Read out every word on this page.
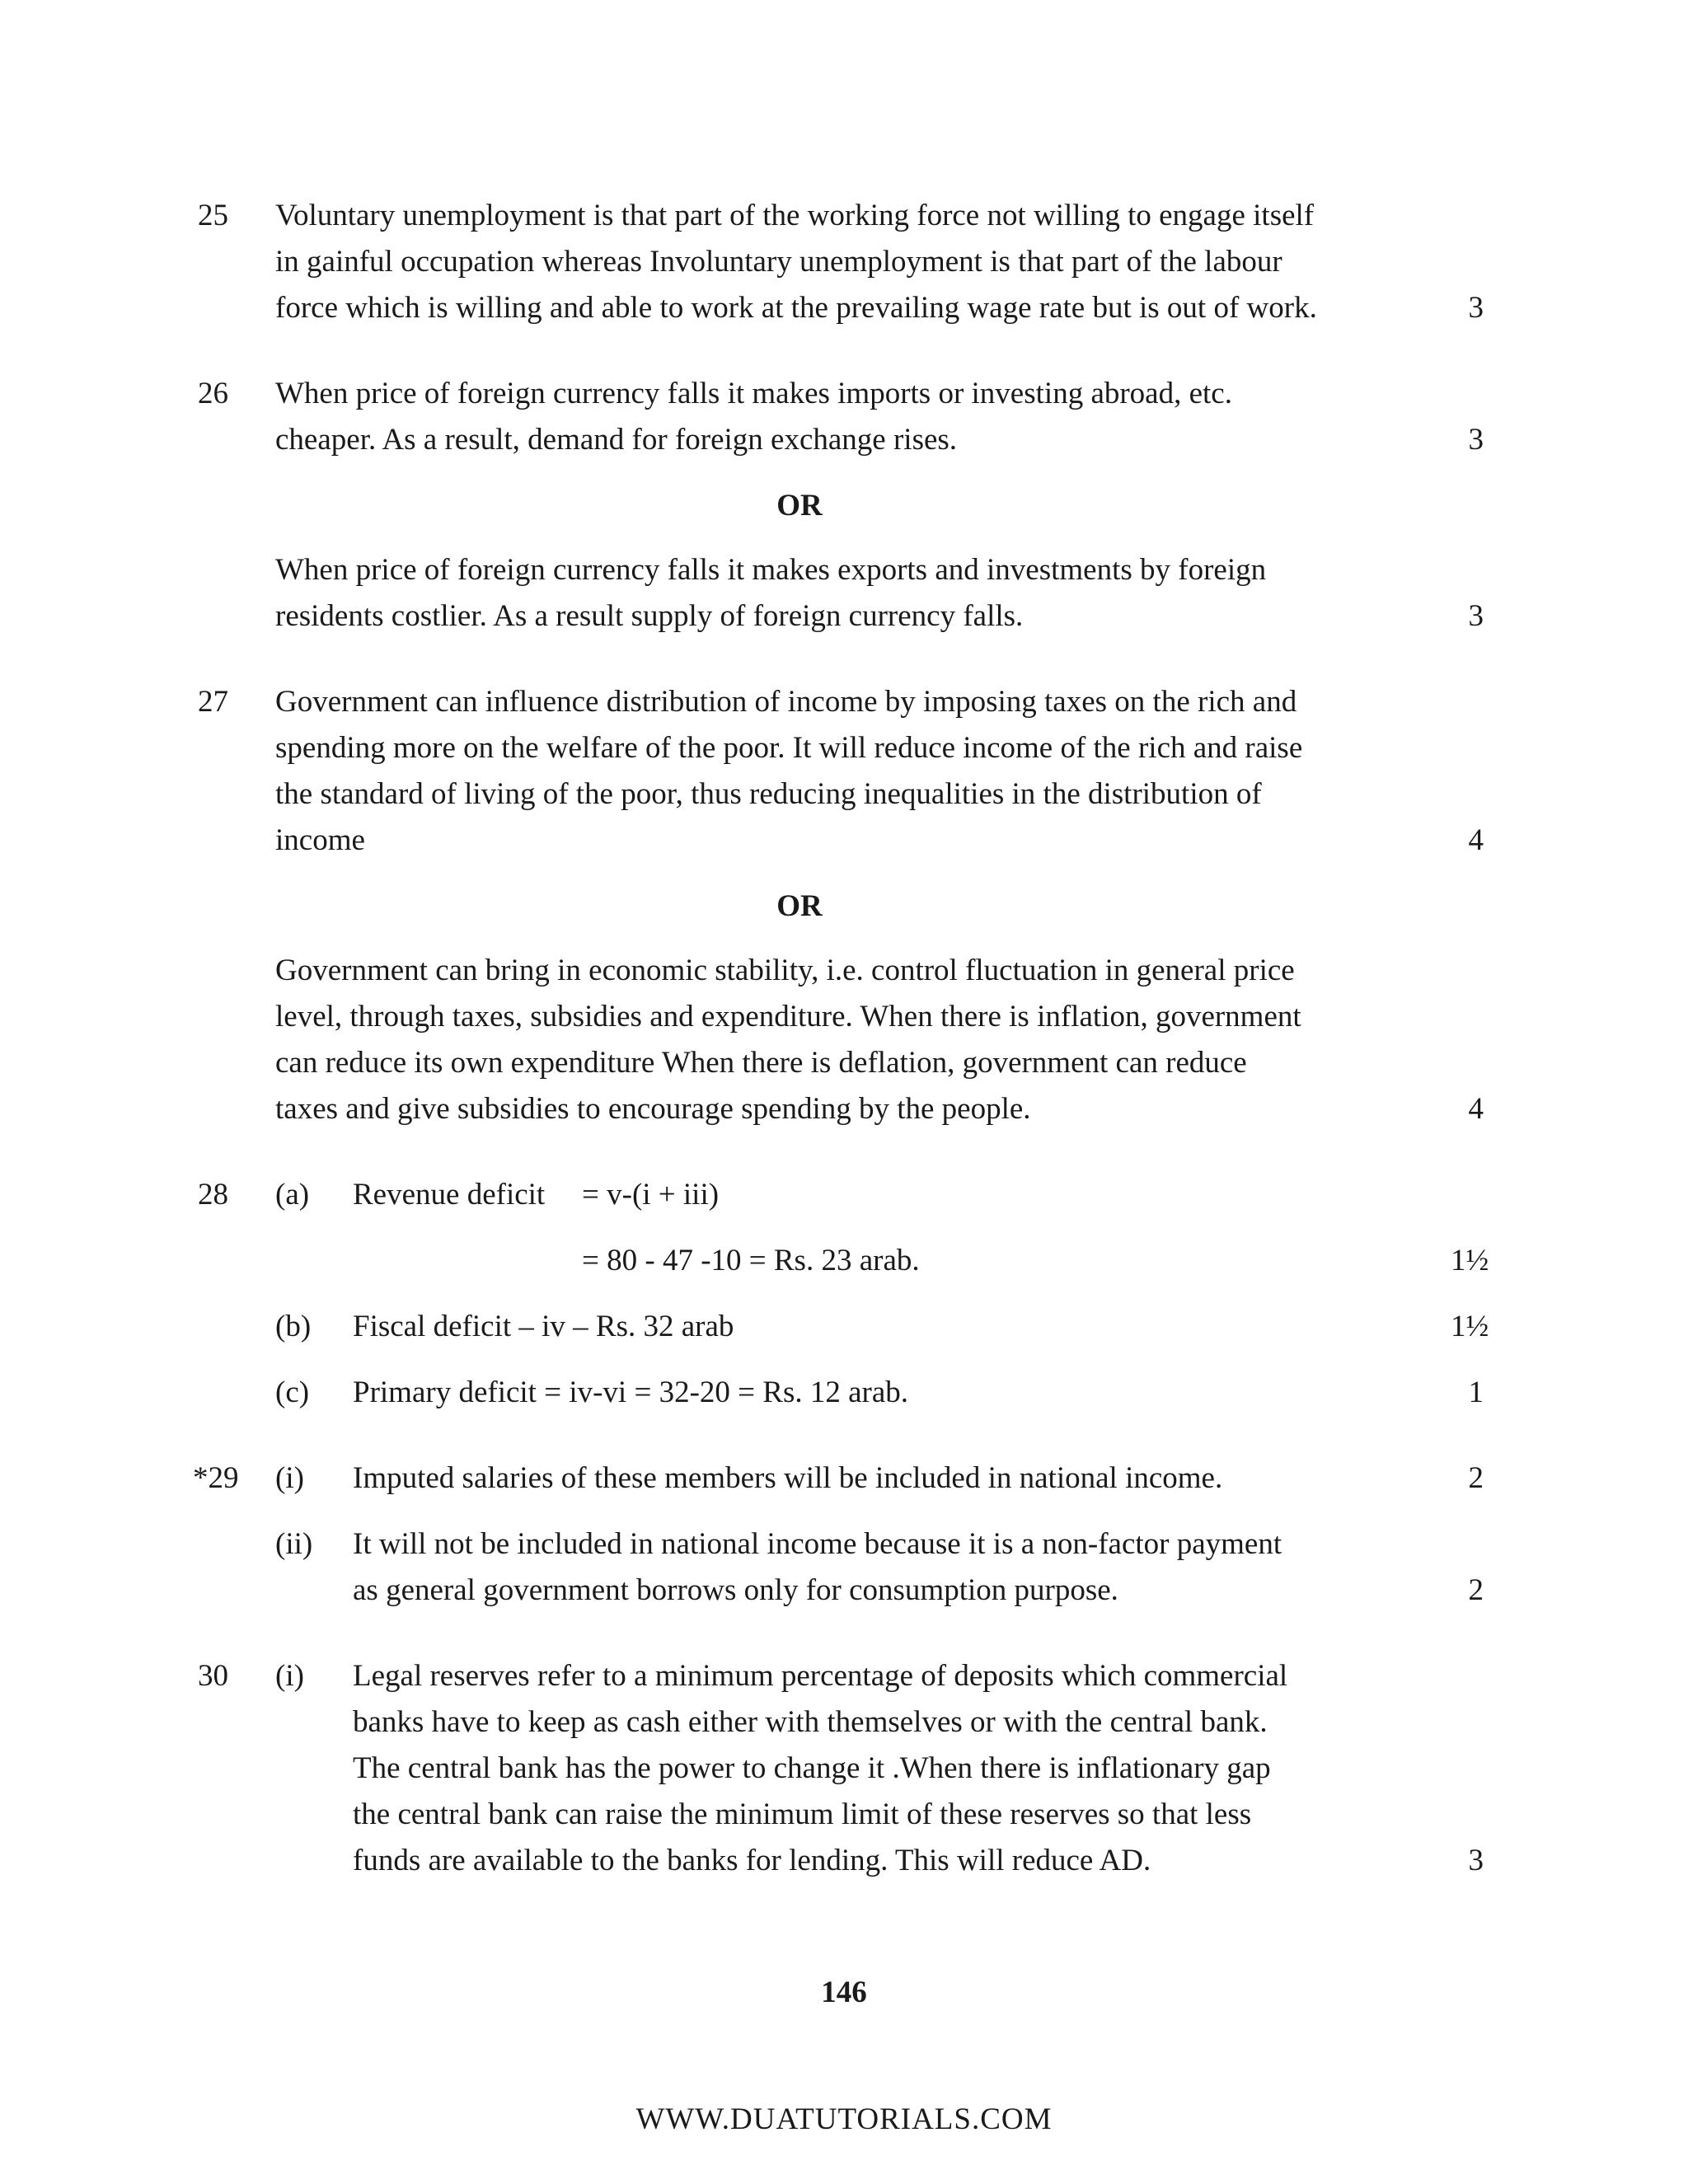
25 Voluntary unemployment is that part of the working force not willing to engage itself
in gainful occupation whereas Involuntary unemployment is that part of the labour
force which is willing and able to work at the prevailing wage rate but is out of work.	3
26 When price of foreign currency falls it makes imports or investing abroad, etc.
cheaper. As a result, demand for foreign exchange rises.	3
OR
When price of foreign currency falls it makes exports and investments by foreign
residents costlier. As a result supply of foreign currency falls.	3
27 Government can influence distribution of income by imposing taxes on the rich and
spending more on the welfare of the poor. It will reduce income of the rich and raise
the standard of living of the poor, thus reducing inequalities in the distribution of
income	4
OR
Government can bring in economic stability, i.e. control fluctuation in general price
level, through taxes, subsidies and expenditure. When there is inflation, government
can reduce its own expenditure When there is deflation, government can reduce
taxes and give subsidies to encourage spending by the people.	4
28 (a) Revenue deficit = v-(i + iii)
= 80 - 47 -10 = Rs. 23 arab.	1½
(b) Fiscal deficit – iv – Rs. 32 arab	1½
(c) Primary deficit = iv-vi = 32-20 = Rs. 12 arab.	1
*29 (i) Imputed salaries of these members will be included in national income.	2
(ii) It will not be included in national income because it is a non-factor payment
as general government borrows only for consumption purpose.	2
30 (i) Legal reserves refer to a minimum percentage of deposits which commercial
banks have to keep as cash either with themselves or with the central bank.
The central bank has the power to change it .When there is inflationary gap
the central bank can raise the minimum limit of these reserves so that less
funds are available to the banks for lending. This will reduce AD.	3
146
WWW.DUATUTORIALS.COM
